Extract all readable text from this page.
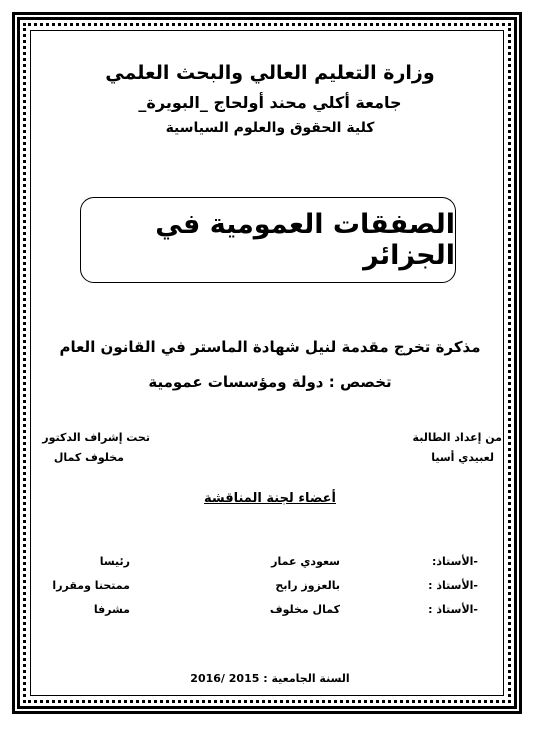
وزارة التعليم العالي والبحث العلمي
جامعة أكلي محند أولحاج _البويرة_
كلية الحقوق والعلوم السياسية
الصفقات العمومية في الجزائر
مذكرة تخرج مقدمة لنيل شهادة الماستر في القانون العام
تخصص : دولة ومؤسسات عمومية
من إعداد الطالبة
لعبيدي أسيا
تحت إشراف الدكتور
مخلوف كمال
أعضاء لجنة المناقشة
-الأستاذ:
سعودي عمار
رئيسا
-الأستاذ :
بالعزوز رابح
ممتحنا ومقررا
-الأستاذ :
كمال مخلوف
مشرفا
السنة الجامعية : 2015 /2016
